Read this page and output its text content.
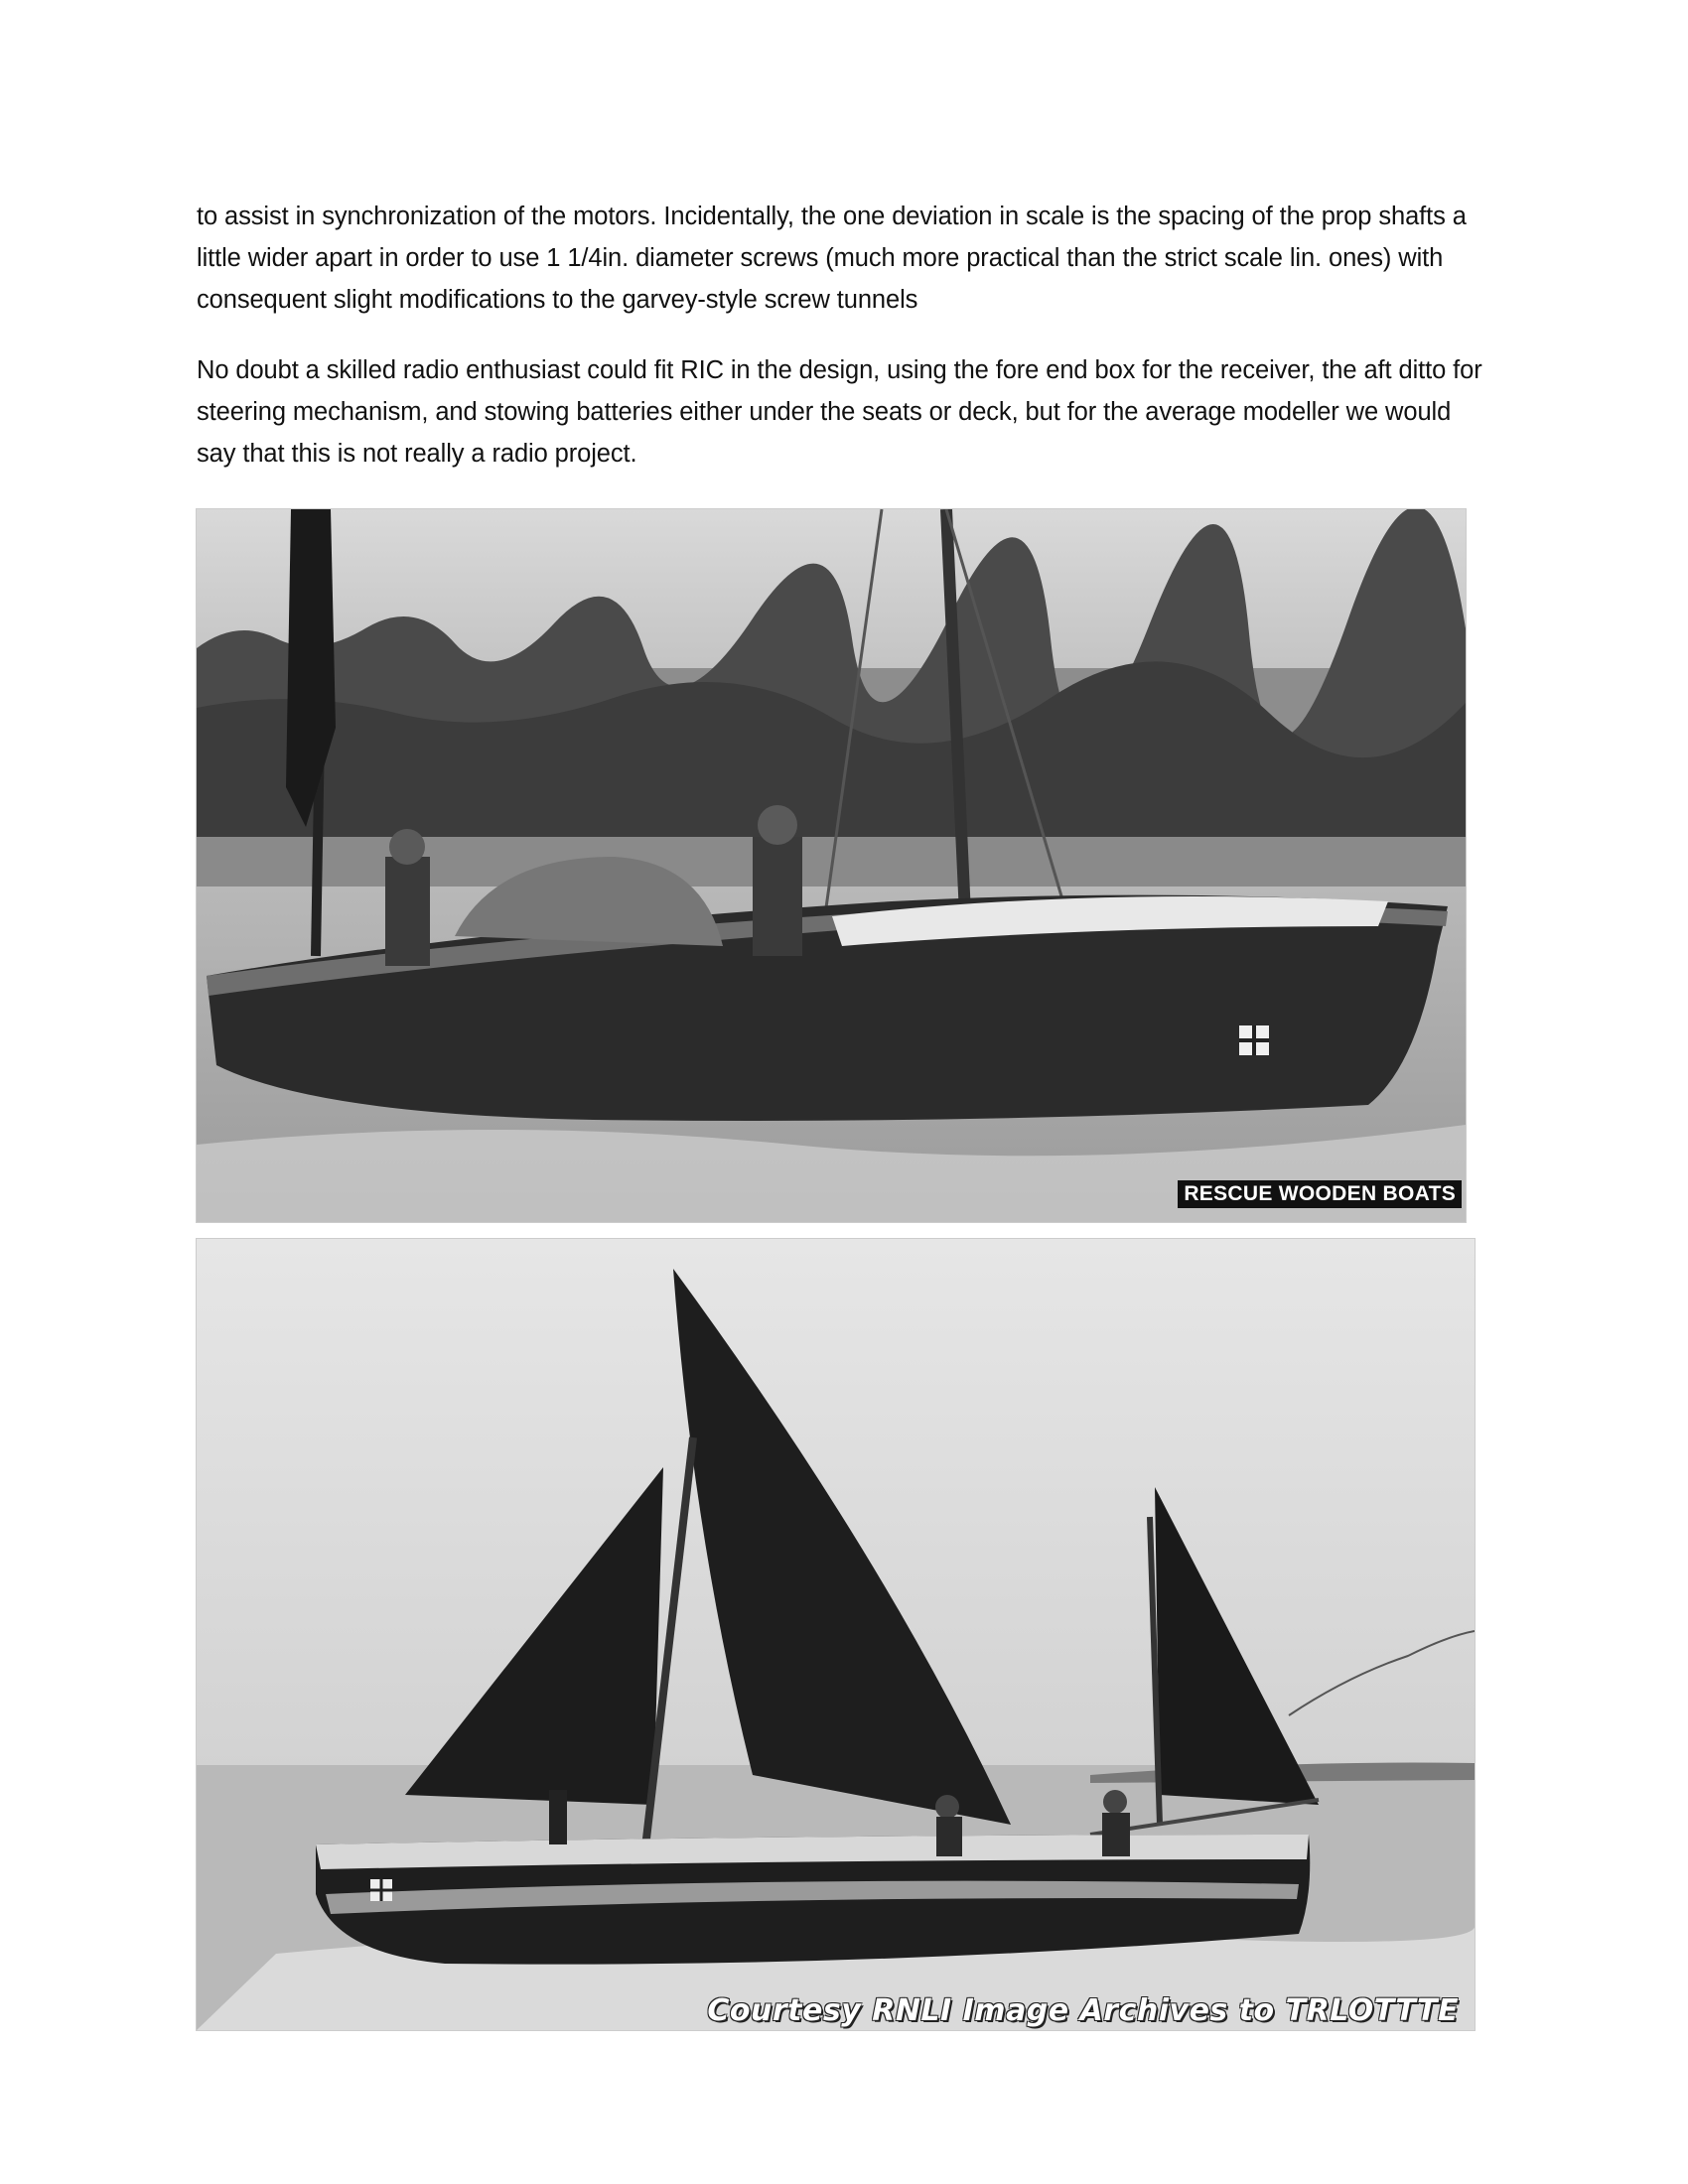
to assist in synchronization of the motors. Incidentally, the one deviation in scale is the spacing of the prop shafts a little wider apart in order to use 1 1/4in. diameter screws (much more practical than the strict scale lin. ones) with consequent slight modifications to the garvey-style screw tunnels

No doubt a skilled radio enthusiast could fit RIC in the design, using the fore end box for the receiver, the aft ditto for steering mechanism, and stowing batteries either under the seats or deck, but for the average modeller we would say that this is not really a radio project.

RESCUE WOODEN BOATS
Courtesy RNLI Image Archives to TRLOTTTE
